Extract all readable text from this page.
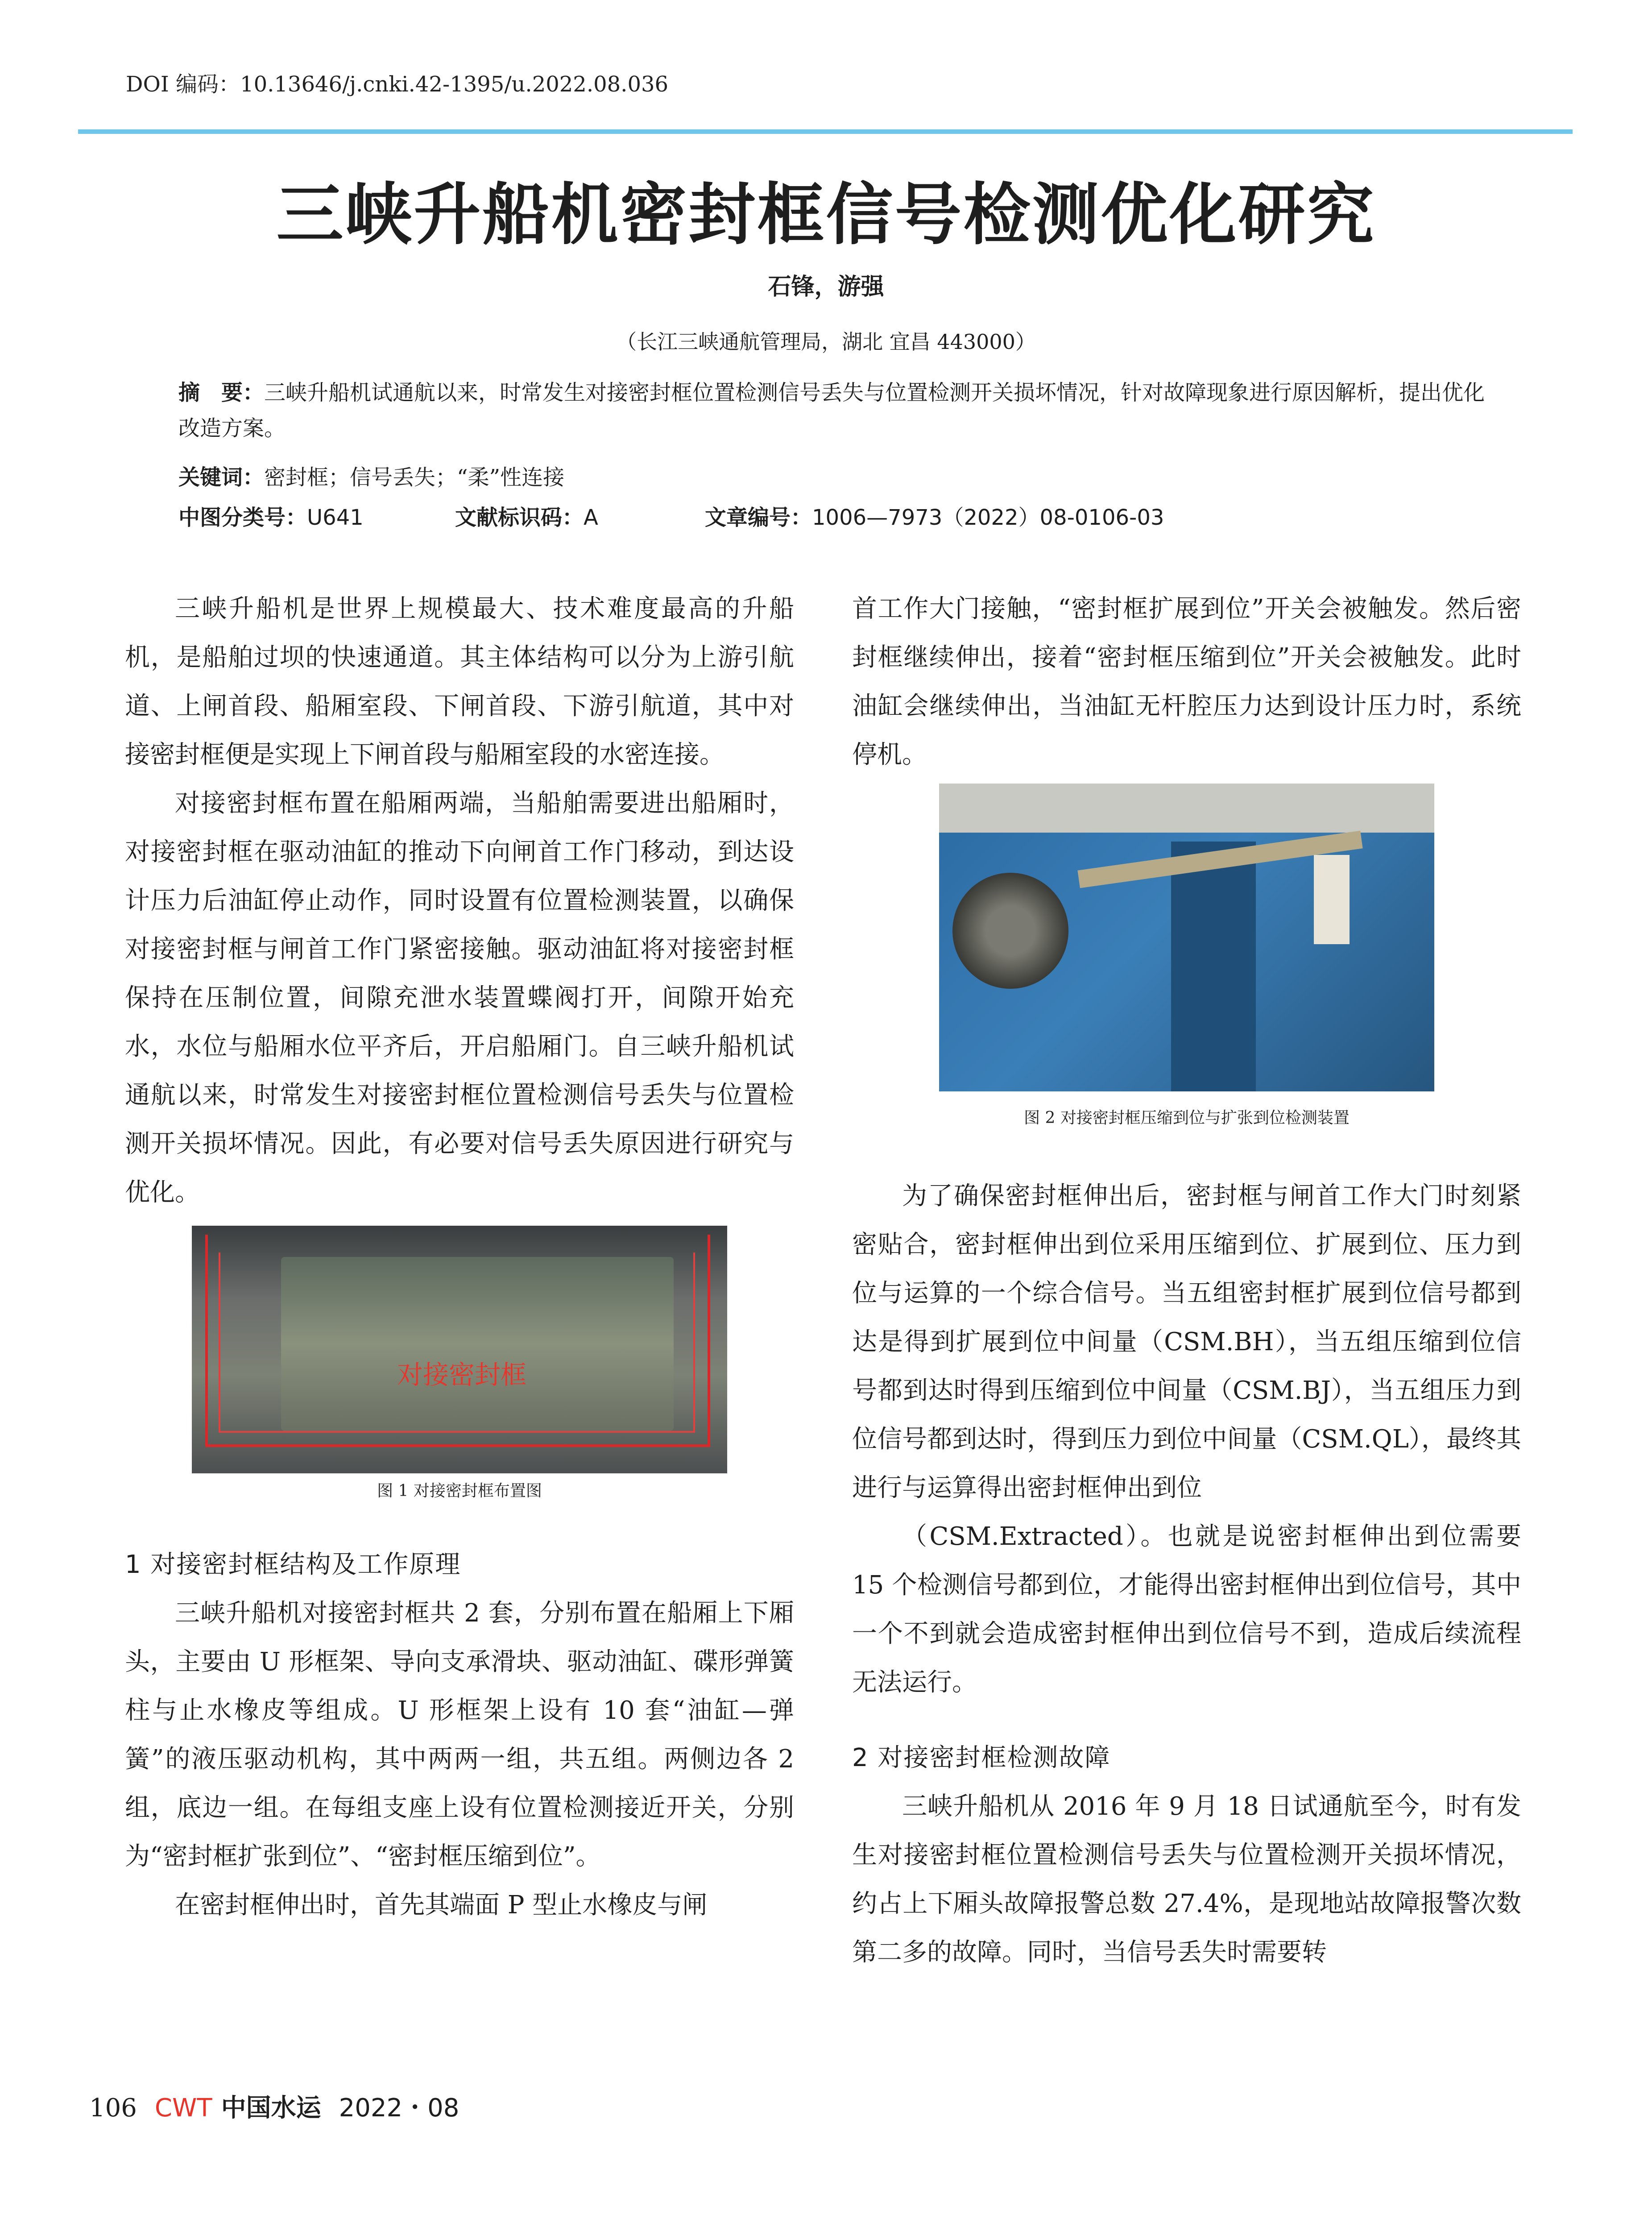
DOI 编码：10.13646/j.cnki.42-1395/u.2022.08.036
三峡升船机密封框信号检测优化研究
石锋，游强
（长江三峡通航管理局，湖北 宜昌 443000）
摘　要：三峡升船机试通航以来，时常发生对接密封框位置检测信号丢失与位置检测开关损坏情况，针对故障现象进行原因解析，提出优化改造方案。
关键词：密封框；信号丢失；“柔”性连接
中图分类号：U641	文献标识码：A	文章编号：1006—7973（2022）08-0106-03

三峡升船机是世界上规模最大、技术难度最高的升船机，是船舶过坝的快速通道。其主体结构可以分为上游引航道、上闸首段、船厢室段、下闸首段、下游引航道，其中对接密封框便是实现上下闸首段与船厢室段的水密连接。

对接密封框布置在船厢两端，当船舶需要进出船厢时，对接密封框在驱动油缸的推动下向闸首工作门移动，到达设计压力后油缸停止动作，同时设置有位置检测装置，以确保对接密封框与闸首工作门紧密接触。驱动油缸将对接密封框保持在压制位置，间隙充泄水装置蝶阀打开，间隙开始充水，水位与船厢水位平齐后，开启船厢门。自三峡升船机试通航以来，时常发生对接密封框位置检测信号丢失与位置检测开关损坏情况。因此，有必要对信号丢失原因进行研究与优化。

对接密封框
图 1 对接密封框布置图
1 对接密封框结构及工作原理

三峡升船机对接密封框共 2 套，分别布置在船厢上下厢头，主要由 U 形框架、导向支承滑块、驱动油缸、碟形弹簧柱与止水橡皮等组成。U 形框架上设有 10 套“油缸—弹簧”的液压驱动机构，其中两两一组，共五组。两侧边各 2 组，底边一组。在每组支座上设有位置检测接近开关，分别为“密封框扩张到位”、“密封框压缩到位”。

在密封框伸出时，首先其端面 P 型止水橡皮与闸

首工作大门接触，“密封框扩展到位”开关会被触发。然后密封框继续伸出，接着“密封框压缩到位”开关会被触发。此时油缸会继续伸出，当油缸无杆腔压力达到设计压力时，系统停机。

图 2 对接密封框压缩到位与扩张到位检测装置

为了确保密封框伸出后，密封框与闸首工作大门时刻紧密贴合，密封框伸出到位采用压缩到位、扩展到位、压力到位与运算的一个综合信号。当五组密封框扩展到位信号都到达是得到扩展到位中间量（CSM.BH），当五组压缩到位信号都到达时得到压缩到位中间量（CSM.BJ），当五组压力到位信号都到达时，得到压力到位中间量（CSM.QL），最终其进行与运算得出密封框伸出到位

（CSM.Extracted）。也就是说密封框伸出到位需要 15 个检测信号都到位，才能得出密封框伸出到位信号，其中一个不到就会造成密封框伸出到位信号不到，造成后续流程无法运行。

2 对接密封框检测故障

三峡升船机从 2016 年 9 月 18 日试通航至今，时有发生对接密封框位置检测信号丢失与位置检测开关损坏情况，约占上下厢头故障报警总数 27.4%，是现地站故障报警次数第二多的故障。同时，当信号丢失时需要转

106 CWT 中国水运 2022・08
